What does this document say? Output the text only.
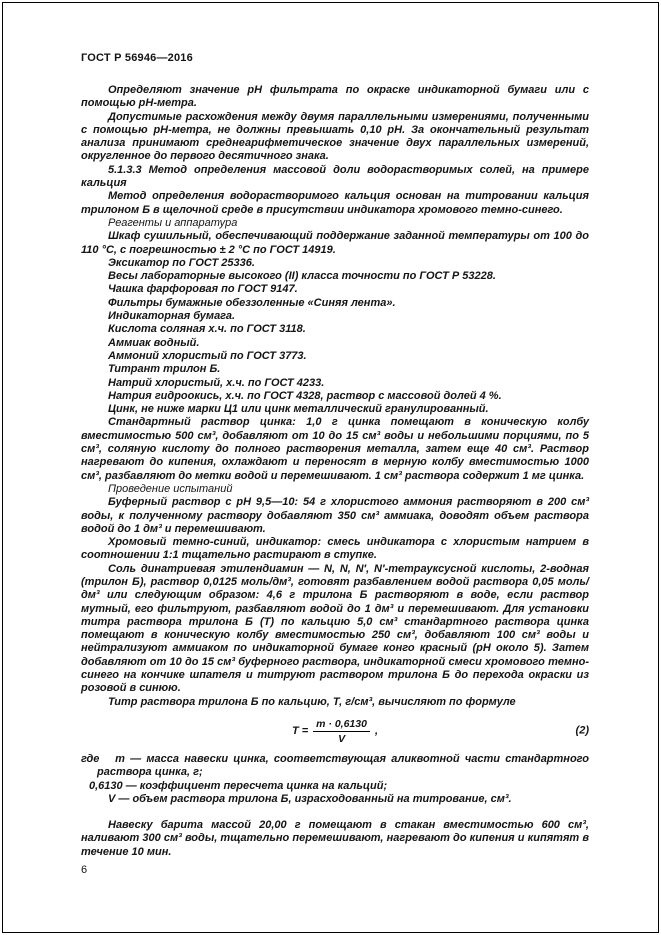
ГОСТ Р 56946—2016

Определяют значение pH фильтрата по окраске индикаторной бумаги или с помощью pH-метра.

Допустимые расхождения между двумя параллельными измерениями, полученными с помощью pH-метра, не должны превышать 0,10 pH. За окончательный результат анализа принимают среднеарифметическое значение двух параллельных измерений, округленное до первого десятичного знака.

5.1.3.3 Метод определения массовой доли водорастворимых солей, на примере кальция

Метод определения водорастворимого кальция основан на титровании кальция трилоном Б в щелочной среде в присутствии индикатора хромового темно-синего.

Реагенты и аппаратура

Шкаф сушильный, обеспечивающий поддержание заданной температуры от 100 до 110 °С, с погрешностью ± 2 °С по ГОСТ 14919.

Эксикатор по ГОСТ 25336.

Весы лабораторные высокого (II) класса точности по ГОСТ Р 53228.

Чашка фарфоровая по ГОСТ 9147.

Фильтры бумажные обеззоленные «Синяя лента».

Индикаторная бумага.

Кислота соляная х.ч. по ГОСТ 3118.

Аммиак водный.

Аммоний хлористый по ГОСТ 3773.

Титрант трилон Б.

Натрий хлористый, х.ч. по ГОСТ 4233.

Натрия гидроокись, х.ч. по ГОСТ 4328, раствор с массовой долей 4 %.

Цинк, не ниже марки Ц1 или цинк металлический гранулированный.

Стандартный раствор цинка: 1,0 г цинка помещают в коническую колбу вместимостью 500 см³, добавляют от 10 до 15 см³ воды и небольшими порциями, по 5 см³, соляную кислоту до полного растворения металла, затем еще 40 см³. Раствор нагревают до кипения, охлаждают и переносят в мерную колбу вместимостью 1000 см³, разбавляют до метки водой и перемешивают. 1 см³ раствора содержит 1 мг цинка.

Проведение испытаний

Буферный раствор с pH 9,5—10: 54 г хлористого аммония растворяют в 200 см³ воды, к полученному раствору добавляют 350 см³ аммиака, доводят объем раствора водой до 1 дм³ и перемешивают.

Хромовый темно-синий, индикатор: смесь индикатора с хлористым натрием в соотношении 1:1 тщательно растирают в ступке.

Соль динатриевая этилендиамин — N, N, N′, N′-тетрауксусной кислоты, 2-водная (трилон Б), раствор 0,0125 моль/дм³, готовят разбавлением водой раствора 0,05 моль/дм³ или следующим образом: 4,6 г трилона Б растворяют в воде, если раствор мутный, его фильтруют, разбавляют водой до 1 дм³ и перемешивают. Для установки титра раствора трилона Б (Т) по кальцию 5,0 см³ стандартного раствора цинка помещают в коническую колбу вместимостью 250 см³, добавляют 100 см³ воды и нейтрализуют аммиаком по индикаторной бумаге конго красный (pH около 5). Затем добавляют от 10 до 15 см³ буферного раствора, индикаторной смеси хромового темно-синего на кончике шпателя и титруют раствором трилона Б до перехода окраски из розовой в синюю.

Титр раствора трилона Б по кальцию, Т, г/см³, вычисляют по формуле

$T = \frac{m \cdot 0,6130}{V}$ ,	(2)

где   m — масса навески цинка, соответствующая аликвотной части стандартного раствора цинка, г;

0,6130 — коэффициент пересчета цинка на кальций;

V — объем раствора трилона Б, израсходованный на титрование, см³.

Навеску барита массой 20,00 г помещают в стакан вместимостью 600 см³, наливают 300 см³ воды, тщательно перемешивают, нагревают до кипения и кипятят в течение 10 мин.

6
